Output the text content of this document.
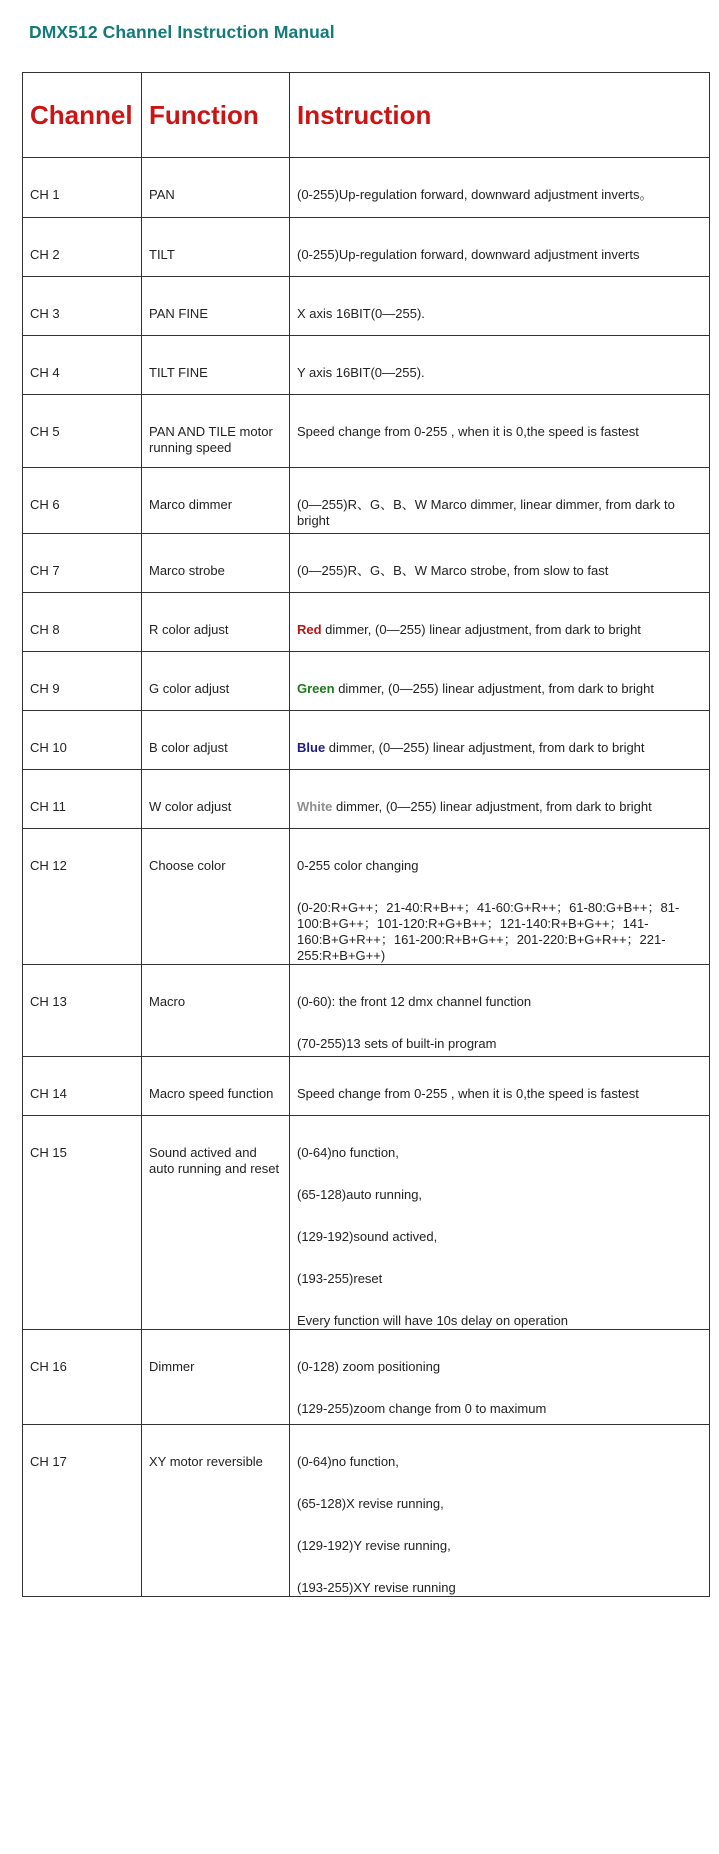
DMX512 Channel Instruction Manual
Channel	Function	Instruction

CH 1	PAN	(0-255)Up-regulation forward, downward adjustment inverts。

CH 2	TILT	(0-255)Up-regulation forward, downward adjustment inverts

CH 3	PAN FINE	X axis 16BIT(0—255).

CH 4	TILT FINE	Y axis 16BIT(0—255).

CH 5	PAN AND TILE motor running speed	Speed change from 0-255 , when it is 0,the speed is fastest

CH 6	Marco dimmer	(0—255)R、G、B、W Marco dimmer, linear dimmer, from dark to bright

CH 7	Marco strobe	(0—255)R、G、B、W Marco strobe, from slow to fast

CH 8	R color adjust	Red dimmer, (0—255) linear adjustment, from dark to bright

CH 9	G color adjust	Green dimmer, (0—255) linear adjustment, from dark to bright

CH 10	B color adjust	Blue dimmer, (0—255) linear adjustment, from dark to bright

CH 11	W color adjust	White dimmer, (0—255) linear adjustment, from dark to bright

CH 12	Choose color	0-255 color changing
(0-20:R+G++；21-40:R+B++；41-60:G+R++；61-80:G+B++；81-100:B+G++；101-120:R+G+B++；121-140:R+B+G++；141-160:B+G+R++；161-200:R+B+G++；201-220:B+G+R++；221-255:R+B+G++)

CH 13	Macro	(0-60): the front 12 dmx channel function
(70-255)13 sets of built-in program

CH 14	Macro speed function	Speed change from 0-255 , when it is 0,the speed is fastest

CH 15	Sound actived and auto running and reset	(0-64)no function,
(65-128)auto running,
(129-192)sound actived,
(193-255)reset
Every function will have 10s delay on operation

CH 16	Dimmer	(0-128) zoom positioning
(129-255)zoom change from 0 to maximum

CH 17	XY motor reversible	(0-64)no function,
(65-128)X revise running,
(129-192)Y revise running,
(193-255)XY revise running
